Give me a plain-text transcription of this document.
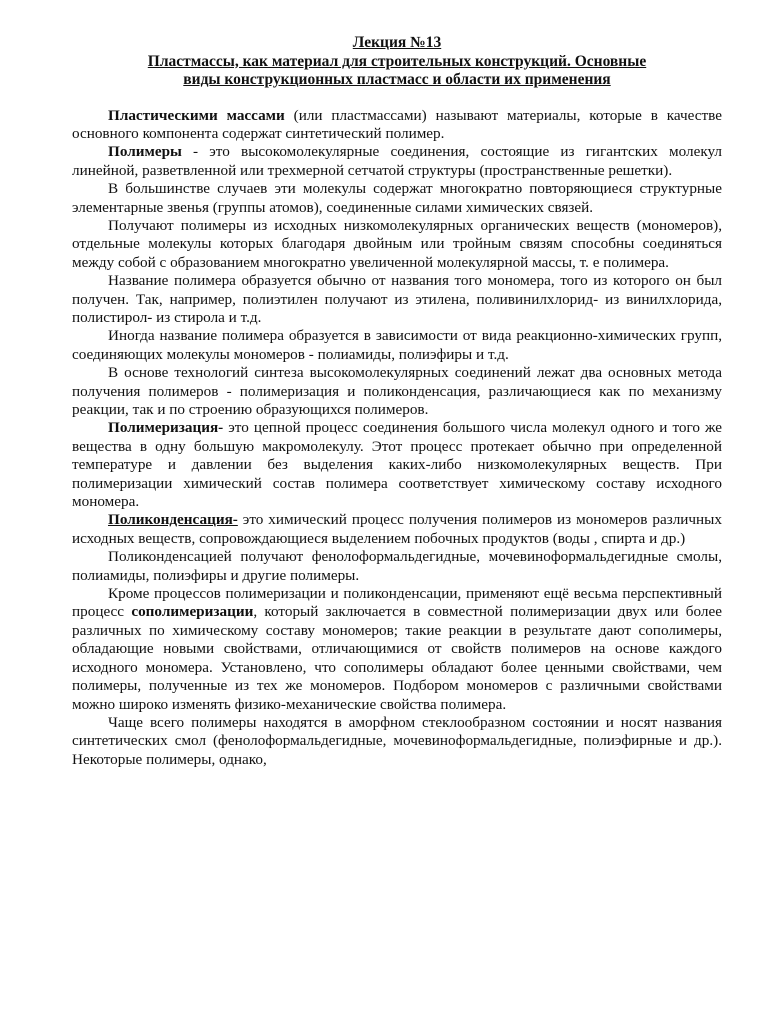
Лекция №13
Пластмассы, как материал для строительных конструкций. Основные
виды конструкционных пластмасс и области их применения

Пластическими массами (или пластмассами) называют материалы, которые в качестве основного компонента содержат синтетический полимер.

Полимеры - это высокомолекулярные соединения, состоящие из гигантских молекул линейной, разветвленной или трехмерной сетчатой структуры (пространственные решетки).

В большинстве случаев эти молекулы содержат многократно повторяющиеся структурные элементарные звенья (группы атомов), соединенные силами химических связей.

Получают полимеры из исходных низкомолекулярных органических веществ (мономеров), отдельные молекулы которых благодаря двойным или тройным связям способны соединяться между собой с образованием многократно увеличенной молекулярной массы, т. е полимера.

Название полимера образуется обычно от названия того мономера, того из которого он был получен. Так, например, полиэтилен получают из этилена, поливинилхлорид- из винилхлорида, полистирол- из стирола и т.д.

Иногда название полимера образуется в зависимости от вида реакционно-химических групп, соединяющих молекулы мономеров - полиамиды, полиэфиры и т.д.

В основе технологий синтеза высокомолекулярных соединений лежат два основных метода получения полимеров - полимеризация и поликонденсация, различающиеся как по механизму реакции, так и по строению образующихся полимеров.

Полимеризация- это цепной процесс соединения большого числа молекул одного и того же вещества в одну большую макромолекулу. Этот процесс протекает обычно при определенной температуре и давлении без выделения каких-либо низкомолекулярных веществ. При полимеризации химический состав полимера соответствует химическому составу исходного мономера.

Поликонденсация- это химический процесс получения полимеров из мономеров различных исходных веществ, сопровождающиеся выделением побочных продуктов (воды , спирта и др.)

Поликонденсацией получают фенолоформальдегидные, мочевиноформальдегидные смолы, полиамиды, полиэфиры и другие полимеры.

Кроме процессов полимеризации и поликонденсации, применяют ещё весьма перспективный процесс сополимеризации, который заключается в совместной полимеризации двух или более различных по химическому составу мономеров; такие реакции в результате дают сополимеры, обладающие новыми свойствами, отличающимися от свойств полимеров на основе каждого исходного мономера. Установлено, что сополимеры обладают более ценными свойствами, чем полимеры, полученные из тех же мономеров. Подбором мономеров с различными свойствами можно широко изменять физико-механические свойства полимера.

Чаще всего полимеры находятся в аморфном стеклообразном состоянии и носят названия синтетических смол (фенолоформальдегидные, мочевиноформальдегидные, полиэфирные и др.). Некоторые полимеры, однако,
